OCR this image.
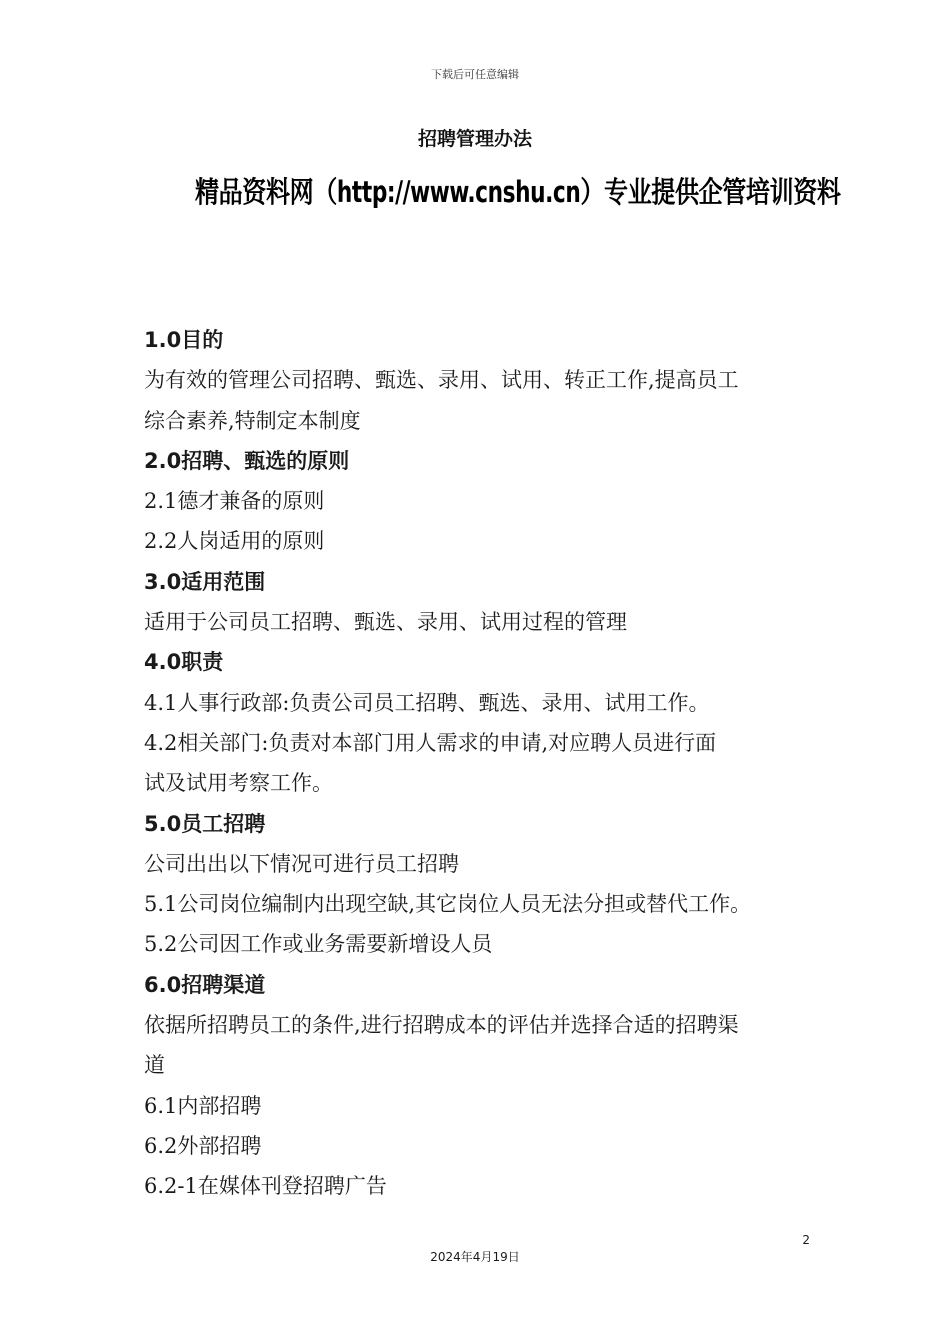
下载后可任意编辑
招聘管理办法
精品资料网（http://www.cnshu.cn）专业提供企管培训资料
1.0目的
为有效的管理公司招聘、甄选、录用、试用、转正工作,提高员工
综合素养,特制定本制度
2.0招聘、甄选的原则
2.1德才兼备的原则
2.2人岗适用的原则
3.0适用范围
适用于公司员工招聘、甄选、录用、试用过程的管理
4.0职责
4.1人事行政部:负责公司员工招聘、甄选、录用、试用工作。
4.2相关部门:负责对本部门用人需求的申请,对应聘人员进行面
试及试用考察工作。
5.0员工招聘
公司出出以下情况可进行员工招聘
5.1公司岗位编制内出现空缺,其它岗位人员无法分担或替代工作。
5.2公司因工作或业务需要新增设人员
6.0招聘渠道
依据所招聘员工的条件,进行招聘成本的评估并选择合适的招聘渠
道
6.1内部招聘
6.2外部招聘
6.2-1在媒体刊登招聘广告
2
2024年4月19日
